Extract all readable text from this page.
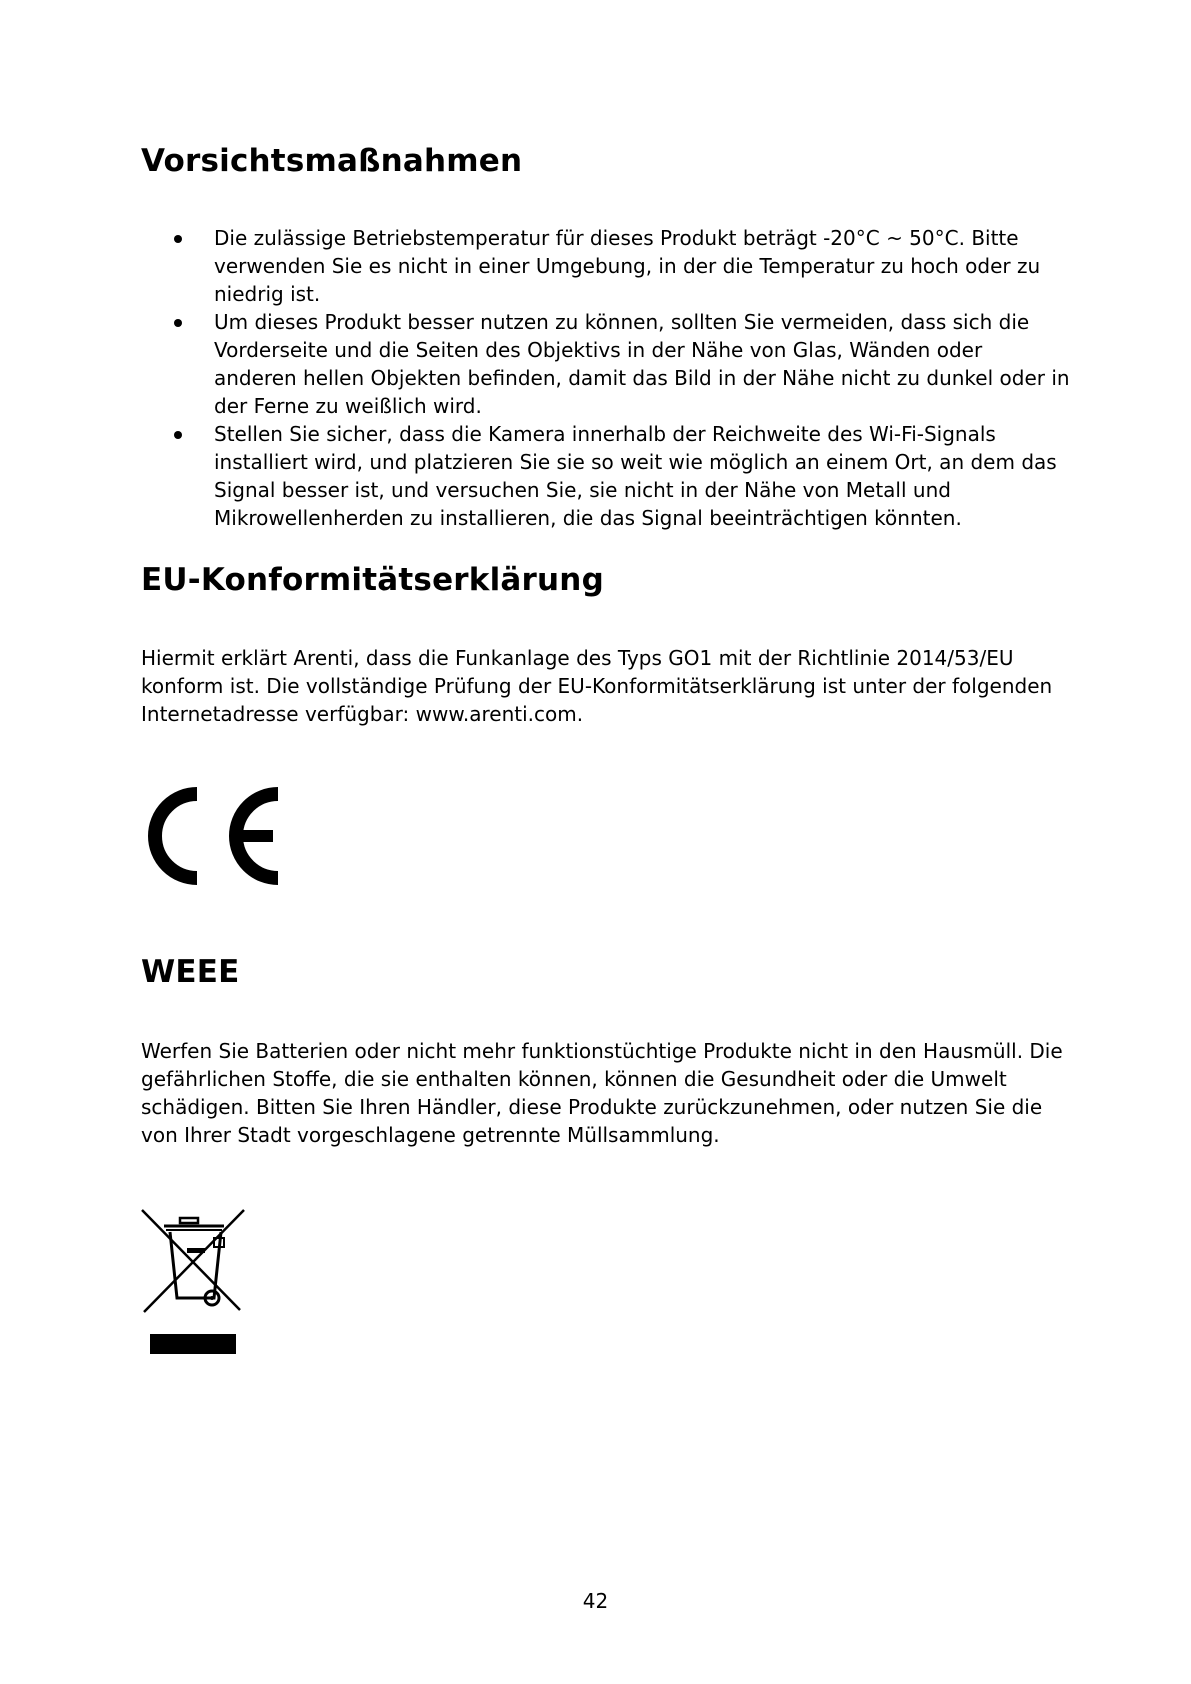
Vorsichtsmaßnahmen
Die zulässige Betriebstemperatur für dieses Produkt beträgt -20°C ~ 50°C. Bitte verwenden Sie es nicht in einer Umgebung, in der die Temperatur zu hoch oder zu niedrig ist.
Um dieses Produkt besser nutzen zu können, sollten Sie vermeiden, dass sich die Vorderseite und die Seiten des Objektivs in der Nähe von Glas, Wänden oder anderen hellen Objekten befinden, damit das Bild in der Nähe nicht zu dunkel oder in der Ferne zu weißlich wird.
Stellen Sie sicher, dass die Kamera innerhalb der Reichweite des Wi-Fi-Signals installiert wird, und platzieren Sie sie so weit wie möglich an einem Ort, an dem das Signal besser ist, und versuchen Sie, sie nicht in der Nähe von Metall und Mikrowellenherden zu installieren, die das Signal beeinträchtigen könnten.
EU-Konformitätserklärung

Hiermit erklärt Arenti, dass die Funkanlage des Typs GO1 mit der Richtlinie 2014/53/EU konform ist. Die vollständige Prüfung der EU-Konformitätserklärung ist unter der folgenden Internetadresse verfügbar: www.arenti.com.

WEEE

Werfen Sie Batterien oder nicht mehr funktionstüchtige Produkte nicht in den Hausmüll. Die gefährlichen Stoffe, die sie enthalten können, können die Gesundheit oder die Umwelt schädigen. Bitten Sie Ihren Händler, diese Produkte zurückzunehmen, oder nutzen Sie die von Ihrer Stadt vorgeschlagene getrennte Müllsammlung.

42
